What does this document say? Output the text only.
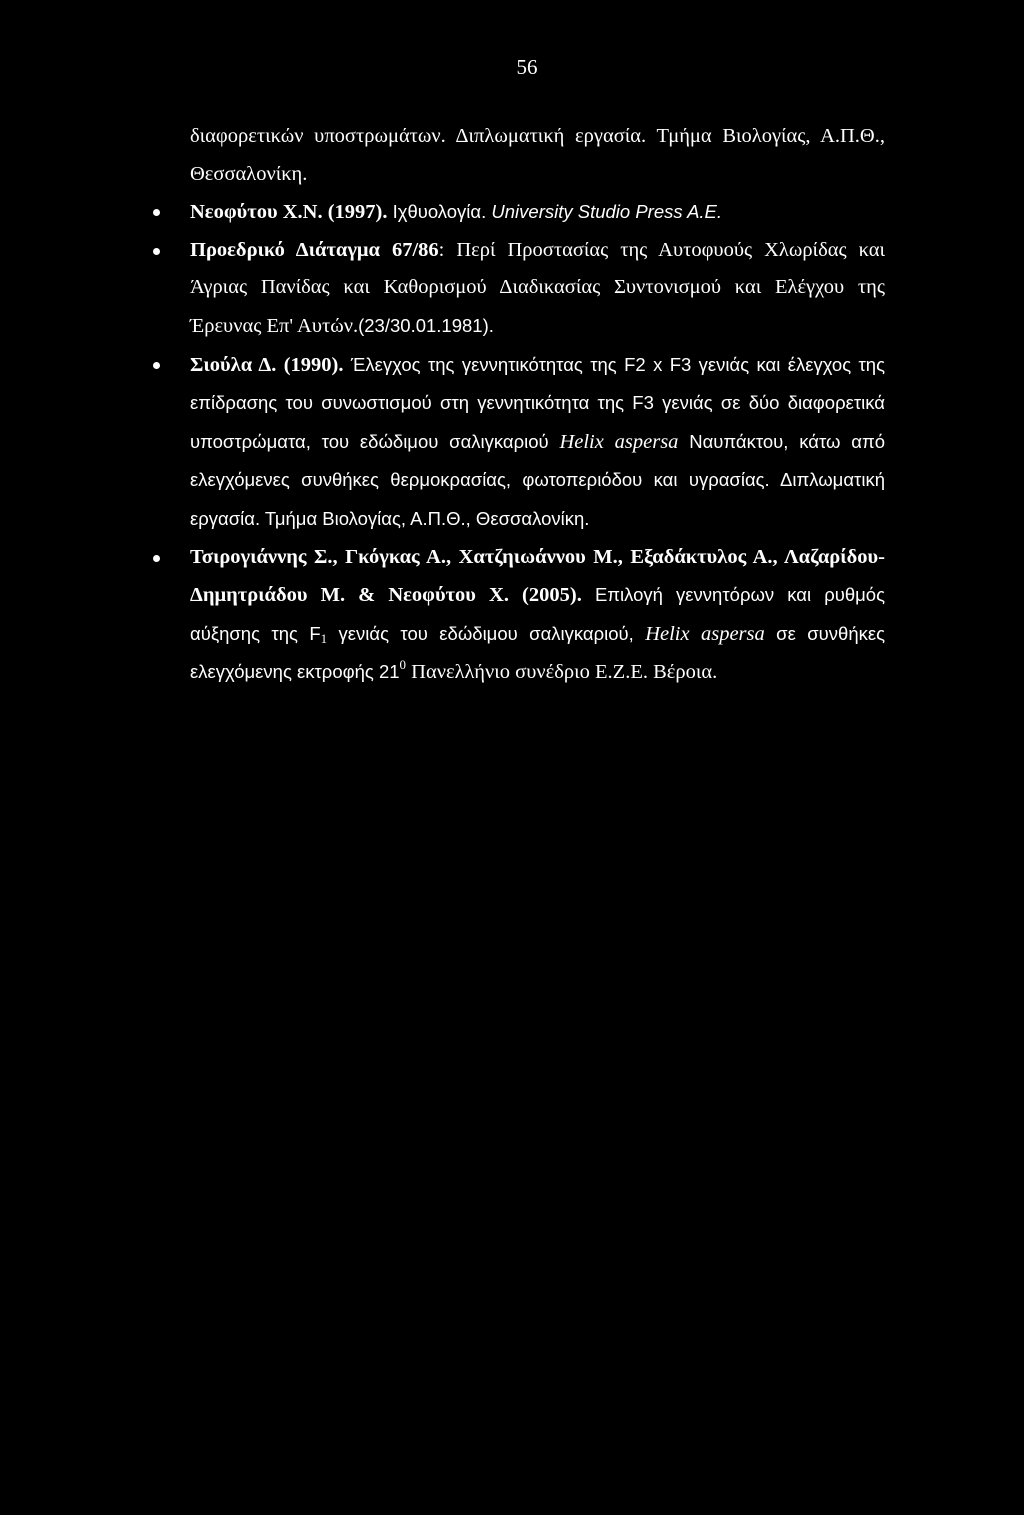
56
διαφορετικών υποστρωμάτων. Διπλωματική εργασία. Τμήμα Βιολογίας, Α.Π.Θ., Θεσσαλονίκη.
Νεοφύτου Χ.Ν. (1997). Ιχθυολογία. University Studio Press A.E.
Προεδρικό Διάταγμα 67/86: Περί Προστασίας της Αυτοφυούς Χλωρίδας και Άγριας Πανίδας και Καθορισμού Διαδικασίας Συντονισμού και Ελέγχου της Έρευνας Επ' Αυτών.(23/30.01.1981).
Σιούλα Δ. (1990). Έλεγχος της γεννητικότητας της F2 x F3 γενιάς και έλεγχος της επίδρασης του συνωστισμού στη γεννητικότητα της F3 γενιάς σε δύο διαφορετικά υποστρώματα, του εδώδιμου σαλιγκαριού Helix aspersa Ναυπάκτου, κάτω από ελεγχόμενες συνθήκες θερμοκρασίας, φωτοπεριόδου και υγρασίας. Διπλωματική εργασία. Τμήμα Βιολογίας, Α.Π.Θ., Θεσσαλονίκη.
Τσιρογιάννης Σ., Γκόγκας Α., Χατζηιωάννου Μ., Εξαδάκτυλος Α., Λαζαρίδου-Δημητριάδου Μ. & Νεοφύτου Χ. (2005). Επιλογή γεννητόρων και ρυθμός αύξησης της $F_1$ γενιάς του εδώδιμου σαλιγκαριού, Helix aspersa σε συνθήκες ελεγχόμενης εκτροφής $21^0$ Πανελλήνιο συνέδριο Ε.Ζ.Ε. Βέροια.
